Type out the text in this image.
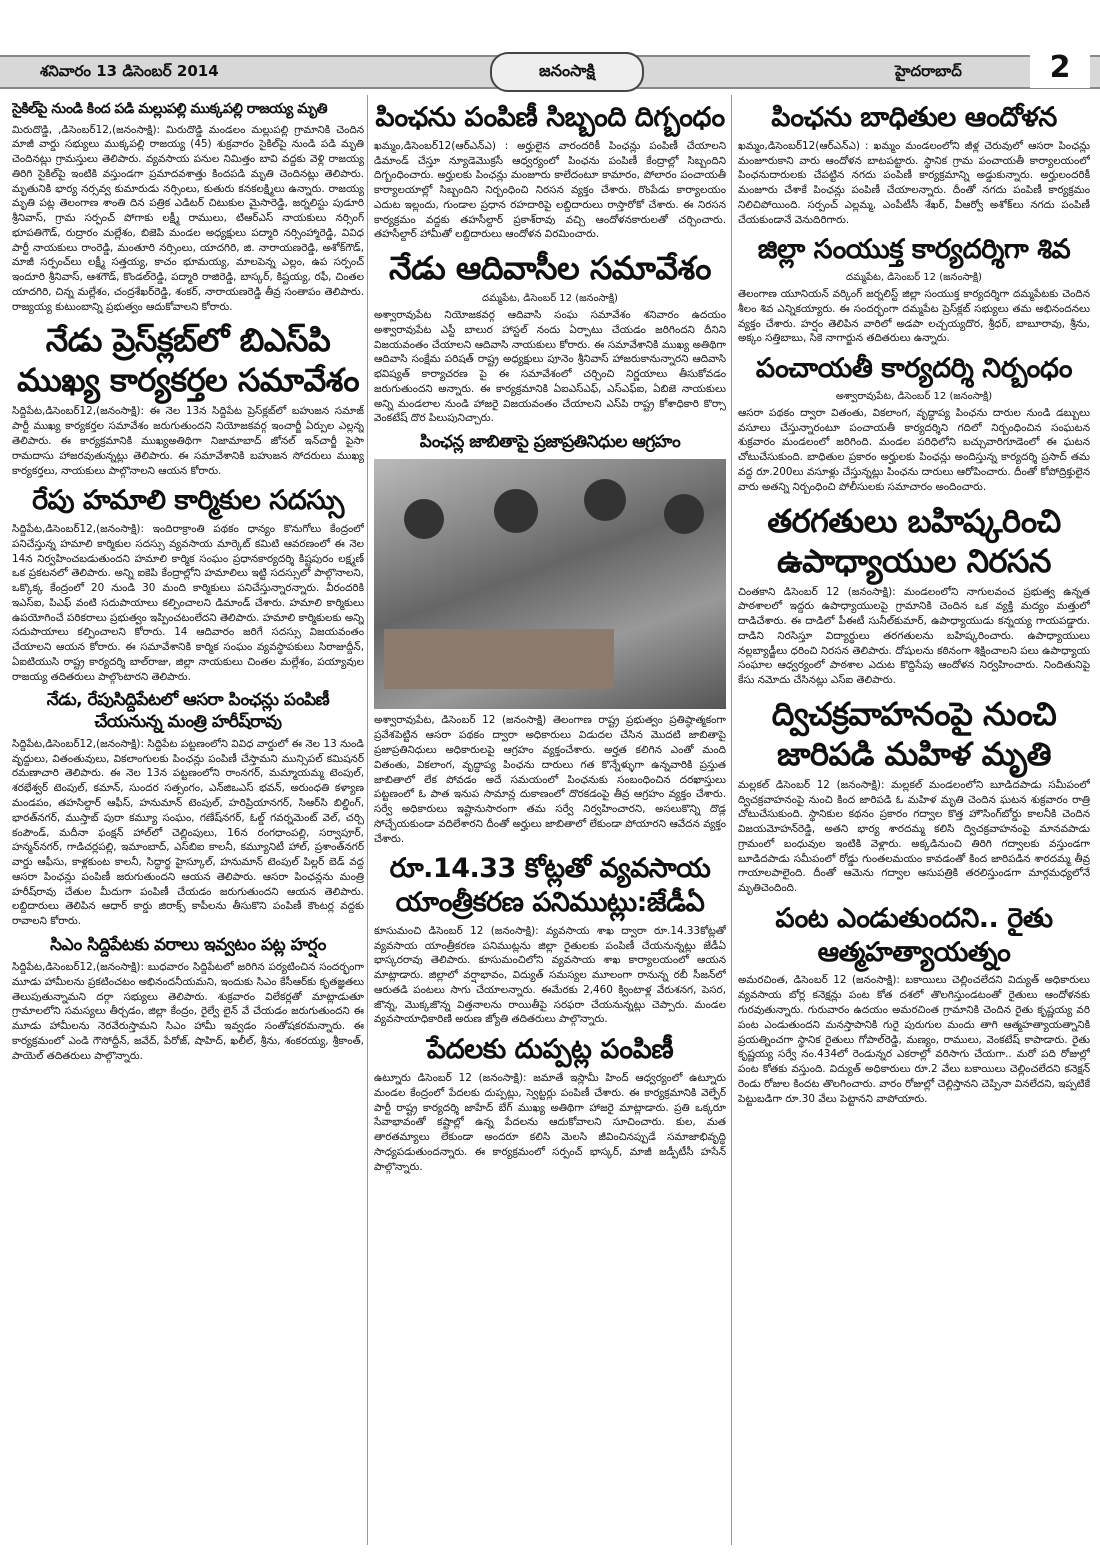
శనివారం 13 డిసెంబర్ 2014	జనంసాక్షి	హైదరాబాద్	2
సైకిల్‌పై నుండి కింద పడి మల్లుపల్లి ముక్కపల్లి రాజయ్య మృతి
మిరుదొడ్డి, ,డిసెంబర్12,(జనంసాక్షి): మిరుదొడ్డి మండలం మల్లుపల్లి గ్రామానికి చెందిన మాజీ వార్డు సభ్యులు ముక్కపల్లి రాజయ్య (45) శుక్రవారం సైకిల్‌పై నుండి పడి మృతి చెందినట్లు గ్రామస్తులు తెలిపారు. వ్యవసాయ పనుల నిమిత్తం బావి వద్దకు వెళ్లి రాజయ్య తిరిగి సైకిల్‌పై ఇంటికి వస్తుండగా ప్రమాదవశాత్తు కిందపడి మృతి చెందినట్లు తెలిపారు. మృతునికి భార్య నర్సవ్వ కుమారుడు నర్సింలు, కుతురు కనకలక్ష్మిలు ఉన్నారు. రాజయ్య మృతి పట్ల తెలంగాణ శాంతి దిన పత్రిక ఎడిటర్ చిటుకుల మైసారెడ్డి, జర్నలిస్టు పుడూరి శ్రీనివాస్, గ్రామ సర్పంచ్ పోగాకు లక్ష్మీ రాములు, టిఆర్‌ఎస్ నాయకులు నర్సింగ్ భూపతిగౌడ్, రుద్రారం మల్లేశం, బిజెపి మండల అధ్యక్షులు పద్మారి నర్సింహ్మారెడ్డి, వివిధ పార్టీ నాయకులు రాంరెడ్డి, మంతూరి నర్సింలు, యాదగిరి, జి. నారాయణరెడ్డి, అశోక్‌గౌడ్, మాజీ సర్పంచ్‌లు లక్ష్మీ సత్తయ్య, కాచం భూమయ్య, మాలపెన్న ఎల్లం, ఉప సర్పంచ్ ఇందూరి శ్రీనివాస్, ఆశగౌడ్, కొండల్‌రెడ్డి, పద్మారి రాజిరెడ్డి, బాస్కర్, కిష్టయ్య, రఫీ, చింతల యాదగిరి, చిన్న మల్లేశం, చంద్రశేఖర్‌రెడ్డి, శంకర్, నారాయణరెడ్డి తీవ్ర సంతాపం తెలిపారు. రాజ్యయ్య కుటుంబాన్ని ప్రభుత్వం ఆదుకోవాలని కోరారు.
నేడు ప్రెస్‌క్లబ్‌లో బిఎస్‌పి ముఖ్య కార్యకర్తల సమావేశం
సిద్దిపేట,డిసెంబర్12,(జనంసాక్షి): ఈ నెల 13న సిద్దిపేట ప్రెస్‌క్లబ్‌లో బహుజన సమాజ్ పార్టీ ముఖ్య కార్యకర్తల సమావేశం జరుగుతుందని నియోజకవర్గ ఇంచార్జీ ఏర్పుల ఎల్లన్న తెలిపారు. ఈ కార్యక్రమానికి ముఖ్యఅతిథిగా నిజామాబాద్ జోనల్ ఇన్‌చార్జీ పైసా రామదాసు హాజరవుతున్నట్లు తెలిపారు. ఈ సమావేశానికి బహుజన సోదరులు ముఖ్య కార్యకర్తలు, నాయకులు పాల్గొనాలని ఆయన కోరారు.
రేపు హమాలి కార్మికుల సదస్సు
సిద్దిపేట,డిసెంబర్12,(జనంసాక్షి): ఇందిరాక్రాంతి పథకం ధాన్యం కొనుగోలు కేంద్రంలో పనిచేస్తున్న హమాలి కార్మికుల సదస్సు వ్యవసాయ మార్కెట్ కమిటి ఆవరణంలో ఈ నెల 14న నిర్వహించబడుతుందని హమాలి కార్మిక సంఘం ప్రధానకార్యదర్శి కిష్టపురం లక్ష్మణ్ ఒక ప్రకటనలో తెలిపారు. అన్ని ఐకెపి కేంద్రాల్లోని హమాలిలు ఇట్టి సదస్సులో పాల్గొనాలని, ఒక్కొక్క కేంద్రంలో 20 నుండి 30 మంది కార్మికులు పనిచేస్తున్నారన్నారు. వీరందరికి ఇఎస్‌ఐ, పిఎఫ్ వంటి సదుపాయాలు కల్పించాలని డిమాండ్ చేశారు. హమాలి కార్మికులు ఉపయోగించే పరికరాలు ప్రభుత్వం ఇప్పించటంలేదని తెలిపారు. హమాలి కార్మికులకు అన్ని సదుపాయాలు కల్పించాలని కోరారు. 14 ఆదివారం జరిగే సదస్సు విజయవంతం చేయాలని ఆయన కోరారు. ఈ సమావేశానికి కార్మిక సంఘం వ్యవస్థాపకులు సిరాజుద్దీన్, ఏఐటియుసి రాష్ట్ర కార్యదర్శి బాల్‌రాజు, జిల్లా నాయకులు చింతల మల్లేశం, పయ్యావుల రాజయ్య తదితరులు పాల్గొంటారని తెలిపారు.
నేడు, రేపుసిద్దిపేటలో ఆసరా పింఛన్లు పంపిణీ చేయనున్న మంత్రి హరీష్‌రావు
సిద్దిపేట,డిసెంబర్12,(జనంసాక్షి): సిద్దిపేట పట్టణంలోని వివిధ వార్డులో ఈ నెల 13 నుండి వృద్దులు, వితంతువులు, వికలాంగులకు పింఛన్లు పంపిణీ చేస్తామని మున్సిపల్ కమిషనర్ రమణాచారి తెలిపారు. ఈ నెల 13న పట్టణంలోని రాంనగర్, మమ్మాయమ్మ టెంపుల్, శరభేశ్వర్ టెంపుల్, కమాన్, సుందర సత్సంగం, ఎన్‌జిఒఎస్ భవన్, అరుంధతి కళ్యాణ మండపం, తహసిల్దార్ ఆఫీస్, హనుమాన్ టెంపుల్, హరిప్రియానగర్, సిఆర్‌సి బిల్డింగ్, భారత్‌నగర్, ముస్తాబ్ పురా కమ్యూ సంఘం, గణేష్‌నగర్, ఓల్డ్ గవర్నమెంట్ వెల్, చర్చి కంపౌండ్, మదీనా ఫంక్షన్ హాల్‌లో చెల్లింపులు, 16న రంగధాంపల్లి, సర్వాపూర్, హన్మన్‌నగర్, గాడిచర్లపల్లి, ఇమాంబాద్, ఎస్‌బిఐ కాలనీ, కమ్యూనిటీ హాల్, ప్రశాంత్‌నగర్ వార్డు ఆఫీసు, కాళ్లకుంట కాలనీ, సిద్ధార్థ హైస్కూల్, హనుమాన్ టెంపుల్ పిల్లర్ బెడ్ వద్ద ఆసరా పింఛన్లు పంపిణీ జరుగుతుందని ఆయన తెలిపారు. ఆసరా పింఛన్లను మంత్రి హరీష్‌రావు చేతుల మీదుగా పంపిణీ చేయడం జరుగుతుందని ఆయన తెలిపారు. లబ్దిదారులు తెలిపిన ఆధార్ కార్డు జిరాక్స్ కాపీలను తీసుకొని పంపిణీ కౌంటర్ల వద్దకు రావాలని కోరారు.
సిఎం సిద్దిపేటకు వరాలు ఇవ్వటం పట్ల హర్షం
సిద్దిపేట,డిసెంబర్12,(జనంసాక్షి): బుధవారం సిద్దిపేటలో జరిగిన పర్యటించిన సందర్భంగా మూడు హామీలను ప్రకటించటం అభినందనీయమని, ఇందుకు సిఎం కేసీఆర్‌కు కృతజ్ఞతలు తెలుపుతున్నామని దర్గా సభ్యులు తెలిపారు. శుక్రవారం విలేకర్లతో మాట్లాడుతూ గ్రామాలలోని సమస్యలు తీర్చడం, జిల్లా కేంద్రం, రైల్వే లైన్ వే చేయడం జరుగుతుందని ఈ మూడు హామీలను నెరవేరుస్తామని సిఎం హామీ ఇవ్వడం సంతోషకరమన్నారు. ఈ కార్యక్రమంలో ఎండి గౌసోద్దీన్, జవేద్, పేరోజ్, షాహిద్, ఖలీల్, శ్రీను, శంకరయ్య, శ్రీకాంత్, పాయెల్ తదితరులు పాల్గొన్నారు.
పింఛను పంపిణీ సిబ్బంది దిగ్బంధం
ఖమ్మం,డిసెంబర్12(ఆర్‌ఎన్‌ఎ) : అర్హులైన వారందరికీ పింఛన్లు పంపిణీ చేయాలని డిమాండ్ చేస్తూ న్యూడెమొక్రసీ ఆధ్వర్యంలో పింఛను పంపిణీ కేంద్రాల్లో సిబ్బందిని దిగ్బంధించారు. అర్హులకు పింఛన్లు మంజూరు కాలేదంటూ కామారం, పోలారం పంచాయతీ కార్యాలయాల్లో సిబ్బందిని నిర్బంధించి నిరసన వ్యక్తం చేశారు. రొంపేడు కార్యాలయం ఎదుట ఇల్లందు, గుండాల ప్రధాన రహదారిపై లబ్దిదారులు రాస్తారోకో చేశారు. ఈ నిరసన కార్యక్రమం వద్దకు తహసీల్దార్ ప్రకాశ్‌రావు వచ్చి ఆందోళనకారులతో చర్చించారు. తహసీల్దార్ హామీతో లబ్దిదారులు ఆందోళన విరమించారు.
నేడు ఆదివాసీల సమావేశం
దమ్మపేట, డిసెంబర్ 12 (జనంసాక్షి)
అశ్వారావుపేట నియోజకవర్గ ఆదివాసి సంఘ సమావేశం శనివారం ఉదయం అశ్వారావుపేట ఎస్టీ బాలుర హాస్టల్ నందు ఏర్పాటు చేయడం జరిగిందని దీనిని విజయవంతం చేయాలని ఆదివాసి నాయకులు కోరారు. ఈ సమావేశానికి ముఖ్య అతిథిగా ఆదివాసి సంక్షేమ పరిషత్ రాష్ట్ర అధ్యక్షులు పూనెం శ్రీనివాస్ హాజరుకానున్నారని ఆదివాసి భవిష్యత్ కార్యాచరణ పై ఈ సమావేశంలో చర్చించి నిర్ణయాలు తీసుకోవడం జరుగుతుందని అన్నారు. ఈ కార్యక్రమానికి ఏఐఎస్‌ఎఫ్, ఎస్‌ఎఫ్‌ఐ, ఏబిజె నాయకులు అన్ని మండలాల నుండి హాజరై విజయవంతం చేయాలని ఎస్‌పి రాష్ట్ర కోశాధికారి కొర్సా వెంకటేష్ దొర పిలుపునిచ్చారు.
పింఛన్ల జాబితాపై ప్రజాప్రతినిధుల ఆగ్రహం
అశ్వారావుపేట, డిసెంబర్ 12 (జనంసాక్షి) తెలంగాణ రాష్ట్ర ప్రభుత్వం ప్రతిష్ఠాత్మకంగా ప్రవేశపెట్టిన ఆసరా పథకం ద్వారా అధికారులు విడుదల చేసిన మొదటి జాబితాపై ప్రజాప్రతినిధులు అధికారులపై ఆగ్రహం వ్యక్తంచేశారు. అర్హత కలిగిన ఎంతో మంది వితంతు, వికలాంగ, వృద్ధాప్య పింఛను దారులు గత కొన్నేళ్ళుగా ఉన్నవారికి ప్రస్తుత జాబితాలో లేక పోవడం అదే సమయంలో పింఛనుకు సంబంధించిన దరఖాస్తులు పట్టణంలో ఓ పాత ఇనుప సామాన్ల దుకాణంలో దొరకడంపై తీవ్ర ఆగ్రహం వ్యక్తం చేశారు. సర్వే అధికారులు ఇష్టానుసారంగా తమ సర్వే నిర్వహించారని, అసలుకొన్ని దొడ్ల సోచ్చేయకుండా వదిలేశారని దీంతో అర్హులు జాబితాలో లేకుండా పోయారని ఆవేదన వ్యక్తం చేశారు.
రూ.14.33 కోట్లతో వ్యవసాయ యాంత్రీకరణ పనిముట్లు:జేడీఏ
కూసుమంచి డిసెంబర్ 12 (జనంసాక్షి): వ్యవసాయ శాఖ ద్వారా రూ.14.33కోట్లతో వ్యవసాయ యాంత్రీకరణ పనిముట్లను జిల్లా రైతులకు పంపిణీ చేయనున్నట్లు జేడీఏ భాస్కరరావు తెలిపారు. కూసుమంచిలోని వ్యవసాయ శాఖ కార్యాలయంలో ఆయన మాట్లాడారు. జిల్లాలో వర్షాభావం, విద్యుత్ సమస్యల మూలంగా రానున్న రబీ సీజన్‌లో ఆరుతడి పంటలు సాగు చేయాలన్నారు. ఈమేరకు 2,460 క్వింటాళ్ల వేరుశనగ, పెసర, జొన్న, మొక్కజొన్న విత్తనాలను రాయితీపై సరఫరా చేయనున్నట్లు చెప్పారు. మండల వ్యవసాయాధికారిణి అరుణ జ్యోతి తదితరులు పాల్గొన్నారు.
పేదలకు దుప్పట్ల పంపిణీ
ఉట్నూరు డిసెంబర్ 12 (జనంసాక్షి): జమాతే ఇస్లామీ హింద్ ఆధ్వర్యంలో ఉట్నూరు మండల కేంద్రంలో పేదలకు దుప్పట్లు, స్వెట్టర్లు పంపిణీ చేశారు. ఈ కార్యక్రమానికి వెల్ఫేర్ పార్టీ రాష్ట్ర కార్యదర్శి జాహేద్ బేగ్ ముఖ్య అతిథిగా హాజరై మాట్లాడారు. ప్రతి ఒక్కరూ సేవాభావంతో కష్టాల్లో ఉన్న పేదలను ఆదుకోవాలని సూచించారు. కుల, మత తారతమ్యాలు లేకుండా అందరూ కలిసి మెలసి జీవించినప్పుడే సమాజాభివృద్ధి సాధ్యపడుతుందన్నారు. ఈ కార్యక్రమంలో సర్పంచ్ భాస్కర్, మాజీ జడ్పీటీసీ హసేన్ పాల్గొన్నారు.
పింఛను బాధితుల ఆందోళన
ఖమ్మం,డిసెంబర్12(ఆర్‌ఎన్‌ఎ) : ఖమ్మం మండలంలోని జీళ్ల చెరువులో ఆసరా పింఛన్లు మంజూరుకాని వారు ఆందోళన బాటపట్టారు. స్థానిక గ్రామ పంచాయతీ కార్యాలయంలో పింఛనుదారులకు చేపట్టిన నగదు పంపిణీ కార్యక్రమాన్ని అడ్డుకున్నారు. అర్హులందరికీ మంజూరు చేశాకే పింఛన్లు పంపిణీ చేయాలన్నారు. దీంతో నగదు పంపిణీ కార్యక్రమం నిలిచిపోయింది. సర్పంచ్ ఎల్లమ్మ, ఎంపీటీసీ శేఖర్, వీఆర్వో అశోక్‌లు నగదు పంపిణీ చేయకుండానే వెనుదిరిగారు.
జిల్లా సంయుక్త కార్యదర్శిగా శివ
దమ్మపేట, డిసెంబర్ 12 (జనంసాక్షి)
తెలంగాణ యూనియన్ వర్కింగ్ జర్నలిస్ట్ జిల్లా సంయుక్త కార్యదర్శిగా దమ్మపేటకు చెందిన శీలం శివ ఎన్నికయ్యారు. ఈ సందర్భంగా దమ్మపేట ప్రెస్‌క్లబ్ సభ్యులు తమ అభినందనలు వ్యక్తం చేశారు. హర్షం తెలిపిన వారిలో అడపా లచ్చయ్యదొర, శ్రీధర్, బాబూరావు, శ్రీను, అక్కం సత్తిబాబు, సికె నాగార్జున తదితరులు ఉన్నారు.
పంచాయతీ కార్యదర్శి నిర్బంధం
అశ్వారావుపేట, డిసెంబర్ 12 (జనంసాక్షి)
ఆసరా పథకం ద్వారా వితంతు, వికలాంగ, వృద్ధాప్య పింఛను దారుల నుండి డబ్బులు వసూలు చేస్తున్నారంటూ పంచాయతీ కార్యదర్శిని గదిలో నిర్బంధించిన సంఘటన శుక్రవారం మండలంలో జరిగింది. మండల పరిధిలోని బచ్చువారిగూడెంలో ఈ ఘటన చోటుచేసుకుంది. బాధితుల ప్రకారం అర్హులకు పింఛన్లు అందిస్తున్న కార్యదర్శి ప్రసాద్ తమ వద్ద రూ.200లు వసూళ్లు చేస్తున్నట్లు పింఛను దారులు ఆరోపించారు. దీంతో కోపోద్రిక్తులైన వారు అతన్ని నిర్బంధించి పోలీసులకు సమాచారం అందించారు.
తరగతులు బహిష్కరించి ఉపాధ్యాయుల నిరసన
చింతకాని డిసెంబర్ 12 (జనంసాక్షి): మండలంలోని నాగులవంచ ప్రభుత్వ ఉన్నత పాఠశాలలో ఇద్దరు ఉపాధ్యాయులపై గ్రామానికి చెందిన ఒక వ్యక్తి మద్యం మత్తులో దాడిచేశారు. ఈ దాడిలో పీఈటీ సునీల్‌కుమార్, ఉపాధ్యాయుడు కన్నయ్య గాయపడ్డారు. దాడిని నిరసిస్తూ విద్యార్థులు తరగతులను బహిష్కరించారు. ఉపాధ్యాయులు నల్లబ్యాడ్జీలు ధరించి నిరసన తెలిపారు. దోషులను కఠినంగా శిక్షించాలని పలు ఉపాధ్యాయ సంఘాల ఆధ్వర్యంలో పాఠశాల ఎదుట కొద్దిసేపు ఆందోళన నిర్వహించారు. నిందితునిపై కేసు నమోదు చేసినట్లు ఎస్‌ఐ తెలిపారు.
ద్విచక్రవాహనంపై నుంచి జారిపడి మహిళ మృతి
మల్లకల్ డిసెంబర్ 12 (జనంసాక్షి): మల్లకల్ మండలంలోని బూడిదపాడు సమీపంలో ద్విచక్రవాహనంపై నుంచి కింద జారిపడి ఓ మహిళ మృతి చెందిన ఘటన శుక్రవారం రాత్రి చోటుచేసుకుంది. స్థానికుల కథనం ప్రకారం గద్వాల కొత్త హౌసింగ్‌బోర్డు కాలనీకి చెందిన విజయమోహన్‌రెడ్డి, అతని భార్య శారదమ్మ కలిసి ద్విచక్రవాహనంపై మానవపాడు గ్రామంలో బంధువుల ఇంటికి వెళ్లారు. అక్కడినుంచి తిరిగి గద్వాలకు వస్తుండగా బూడిదపాడు సమీపంలో రోడ్డు గుంతలమయం కావడంతో కింద జారిపడిన శారదమ్మ తీవ్ర గాయాలపాలైంది. దీంతో ఆమెను గద్వాల ఆసుపత్రికి తరలిస్తుండగా మార్గమధ్యలోనే మృతిచెందింది.
పంట ఎండుతుందని.. రైతు ఆత్మహత్యాయత్నం
అమరచింత, డిసెంబర్ 12 (జనంసాక్షి): బకాయిలు చెల్లించలేదని విద్యుత్ అధికారులు వ్యవసాయ బోర్ల కనెక్షన్లు పంట కోత దశలో తొలగిస్తుండటంతో రైతులు ఆందోళనకు గురవుతున్నారు. గురువారం ఉదయం అమరచింత గ్రామానికి చెందిన రైతు కృష్ణయ్య వరి పంట ఎండుతుందని మనస్తాపానికి గురై పురుగుల మందు తాగి ఆత్మహత్యాయత్నానికి ప్రయత్నించగా స్థానిక రైతులు గోపాల్‌రెడ్డి, మణ్యం, రాములు, వెంకటేష్ కాపాడారు. రైతు కృష్ణయ్య సర్వే నం.434లో రెండున్నర ఎకరాల్లో వరిసాగు చేయగా.. మరో పది రోజుల్లో పంట కోతకు వస్తుంది. విద్యుత్ అధికారులు రూ.2 వేలు బకాయిలు చెల్లించలేదని కనెక్షన్ రెండు రోజుల కిందట తొలగించారు. వారం రోజుల్లో చెల్లిస్తానని చెప్పినా వినలేదని, ఇప్పటికే పెట్టుబడిగా రూ.30 వేలు పెట్టానని వాపోయారు.
